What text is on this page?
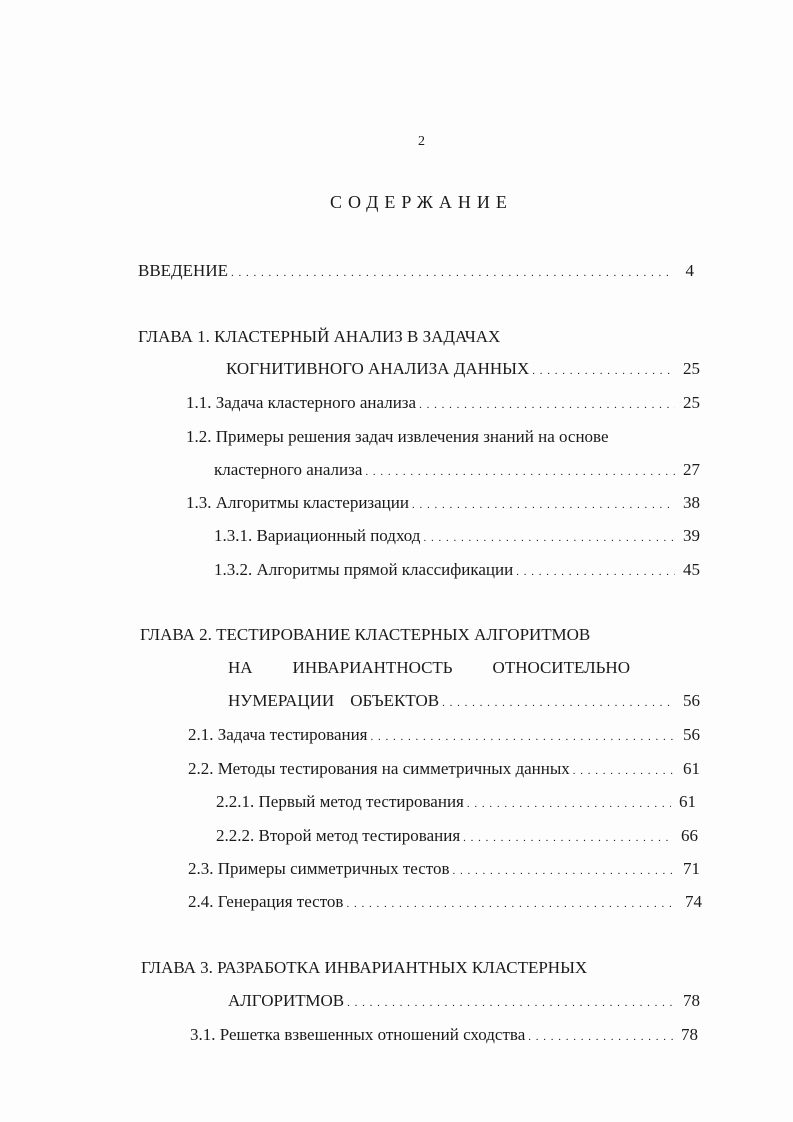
2
СОДЕРЖАНИЕ
ВВЕДЕНИЕ . . .	4
ГЛАВА 1. КЛАСТЕРНЫЙ АНАЛИЗ В ЗАДАЧАХ
КОГНИТИВНОГО АНАЛИЗА ДАННЫХ . . .	25
1.1. Задача кластерного анализа . . .	25
1.2. Примеры решения задач извлечения знаний на основе
кластерного анализа . . .	27
1.3. Алгоритмы кластеризации . . .	38
1.3.1. Вариационный подход . . .	39
1.3.2. Алгоритмы прямой классификации . . .	45
ГЛАВА 2. ТЕСТИРОВАНИЕ КЛАСТЕРНЫХ АЛГОРИТМОВ
НА ИНВАРИАНТНОСТЬ ОТНОСИТЕЛЬНО
НУМЕРАЦИИ ОБЪЕКТОВ . . .	56
2.1. Задача тестирования . . .	56
2.2. Методы тестирования на симметричных данных . . .	61
2.2.1. Первый метод тестирования . . .	61
2.2.2. Второй метод тестирования . . .	66
2.3. Примеры симметричных тестов . . .	71
2.4. Генерация тестов . . .	74
ГЛАВА 3. РАЗРАБОТКА ИНВАРИАНТНЫХ КЛАСТЕРНЫХ
АЛГОРИТМОВ . . .	78
3.1. Решетка взвешенных отношений сходства . . .	78
